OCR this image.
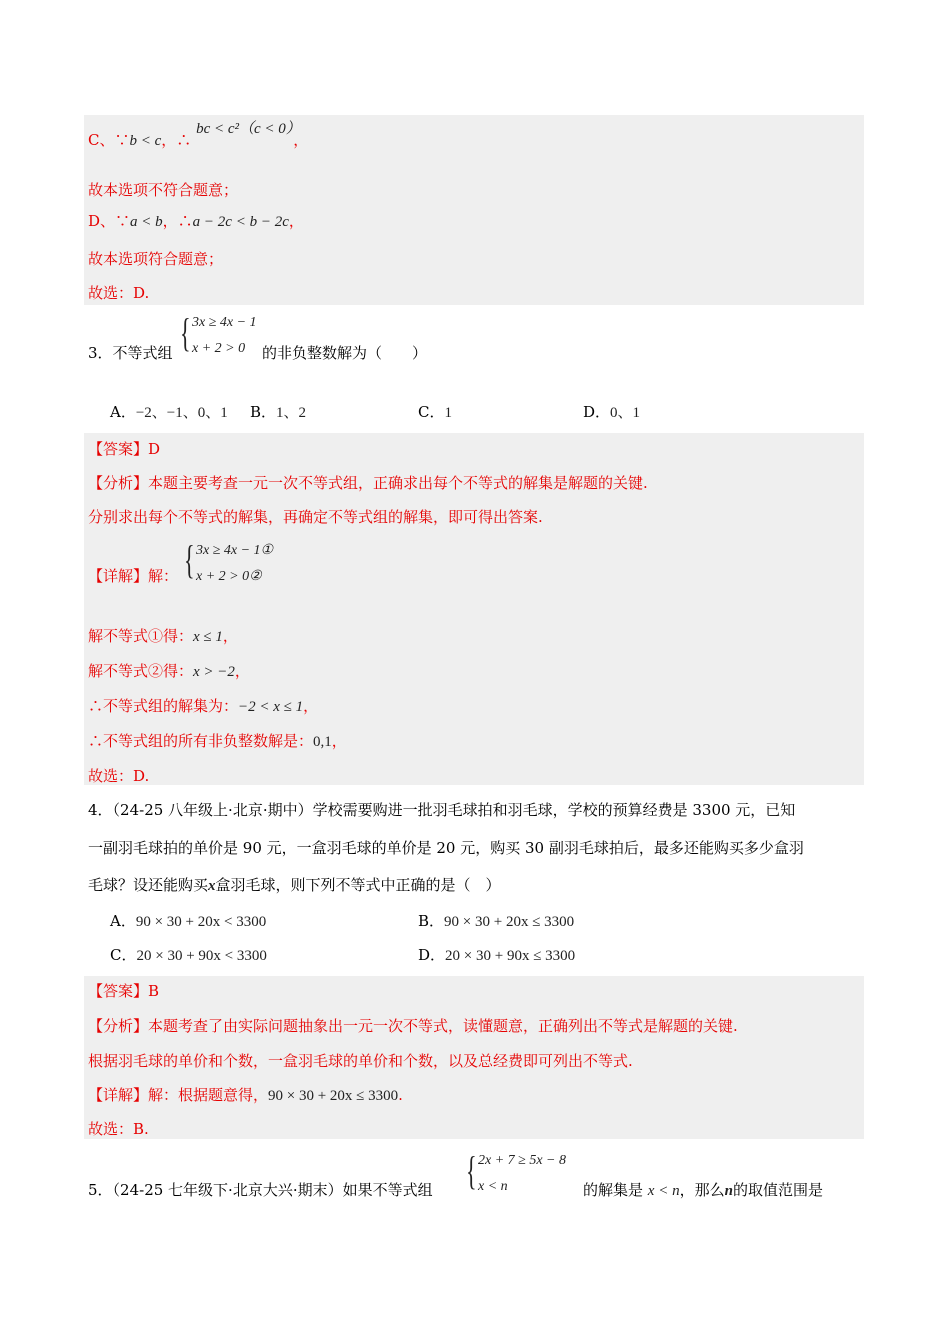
C、∵b < c，∴ bc < c²（c < 0），
故本选项不符合题意；
D、∵a < b，∴a − 2c < b − 2c，
故本选项符合题意；
故选：D.
3．不等式组 { 3x ≥ 4x − 1
x + 2 > 0 的非负整数解为（　　）
A．−2、−1、0、1 B．1、2	C．1	D．0、1
【答案】D
【分析】本题主要考查一元一次不等式组，正确求出每个不等式的解集是解题的关键.
分别求出每个不等式的解集，再确定不等式组的解集，即可得出答案.
【详解】解： { 3x ≥ 4x − 1①
x + 2 > 0②
解不等式①得：x ≤ 1，
解不等式②得：x > −2，
∴不等式组的解集为：−2 < x ≤ 1，
∴不等式组的所有非负整数解是：0,1，
故选：D.
4．（24-25 八年级上·北京·期中）学校需要购进一批羽毛球拍和羽毛球，学校的预算经费是 3300 元，已知
一副羽毛球拍的单价是 90 元，一盒羽毛球的单价是 20 元，购买 30 副羽毛球拍后，最多还能购买多少盒羽
毛球？设还能购买x盒羽毛球，则下列不等式中正确的是（　）
A．90 × 30 + 20x < 3300	B．90 × 30 + 20x ≤ 3300
C．20 × 30 + 90x < 3300	D．20 × 30 + 90x ≤ 3300
【答案】B
【分析】本题考查了由实际问题抽象出一元一次不等式，读懂题意，正确列出不等式是解题的关键.
根据羽毛球的单价和个数，一盒羽毛球的单价和个数，以及总经费即可列出不等式.
【详解】解：根据题意得，90 × 30 + 20x ≤ 3300.
故选：B.
5．（24-25 七年级下·北京大兴·期末）如果不等式组 { 2x + 7 ≥ 5x − 8
x < n	的解集是 x < n，那么n的取值范围是
